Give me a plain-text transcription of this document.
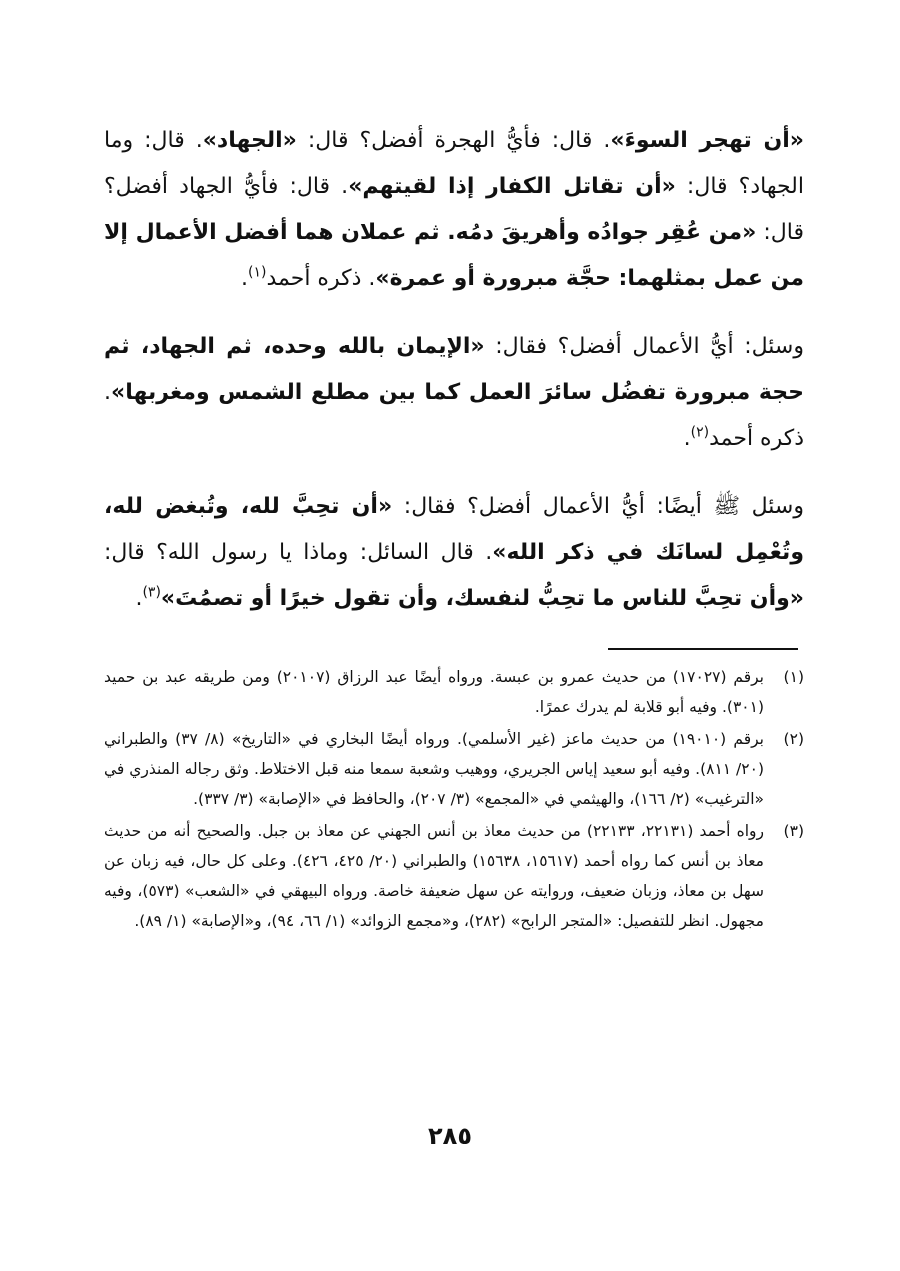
«أن تهجر السوءَ». قال: فأيُّ الهجرة أفضل؟ قال: «الجهاد». قال: وما الجهاد؟ قال: «أن تقاتل الكفار إذا لقيتهم». قال: فأيُّ الجهاد أفضل؟ قال: «من عُقِر جوادُه وأهريقَ دمُه. ثم عملان هما أفضل الأعمال إلا من عمل بمثلهما: حجَّة مبرورة أو عمرة». ذكره أحمد$^{(١)}$.

وسئل: أيُّ الأعمال أفضل؟ فقال: «الإيمان بالله وحده، ثم الجهاد، ثم حجة مبرورة تفضُل سائرَ العمل كما بين مطلع الشمس ومغربها». ذكره أحمد$^{(٢)}$.

وسئل ﷺ أيضًا: أيُّ الأعمال أفضل؟ فقال: «أن تحِبَّ لله، وتُبغض لله، وتُعْمِل لسانَك في ذكر الله». قال السائل: وماذا يا رسول الله؟ قال: «وأن تحِبَّ للناس ما تحِبُّ لنفسك، وأن تقول خيرًا أو تصمُتَ»$^{(٣)}$.

(١)
برقم (١٧٠٢٧) من حديث عمرو بن عبسة. ورواه أيضًا عبد الرزاق (٢٠١٠٧) ومن طريقه عبد بن حميد (٣٠١). وفيه أبو قلابة لم يدرك عمرًا.
(٢)
برقم (١٩٠١٠) من حديث ماعز (غير الأسلمي). ورواه أيضًا البخاري في «التاريخ» (٨/ ٣٧) والطبراني (٢٠/ ٨١١). وفيه أبو سعيد إياس الجريري، ووهيب وشعبة سمعا منه قبل الاختلاط. وثق رجاله المنذري في «الترغيب» (٢/ ١٦٦)، والهيثمي في «المجمع» (٣/ ٢٠٧)، والحافظ في «الإصابة» (٣/ ٣٣٧).
(٣)
رواه أحمد (٢٢١٣١، ٢٢١٣٣) من حديث معاذ بن أنس الجهني عن معاذ بن جبل. والصحيح أنه من حديث معاذ بن أنس كما رواه أحمد (١٥٦١٧، ١٥٦٣٨) والطبراني (٢٠/ ٤٢٥، ٤٢٦). وعلى كل حال، فيه زبان عن سهل بن معاذ، وزبان ضعيف، وروايته عن سهل ضعيفة خاصة. ورواه البيهقي في «الشعب» (٥٧٣)، وفيه مجهول. انظر للتفصيل: «المتجر الرابح» (٢٨٢)، و«مجمع الزوائد» (١/ ٦٦، ٩٤)، و«الإصابة» (١/ ٨٩).
٢٨٥
